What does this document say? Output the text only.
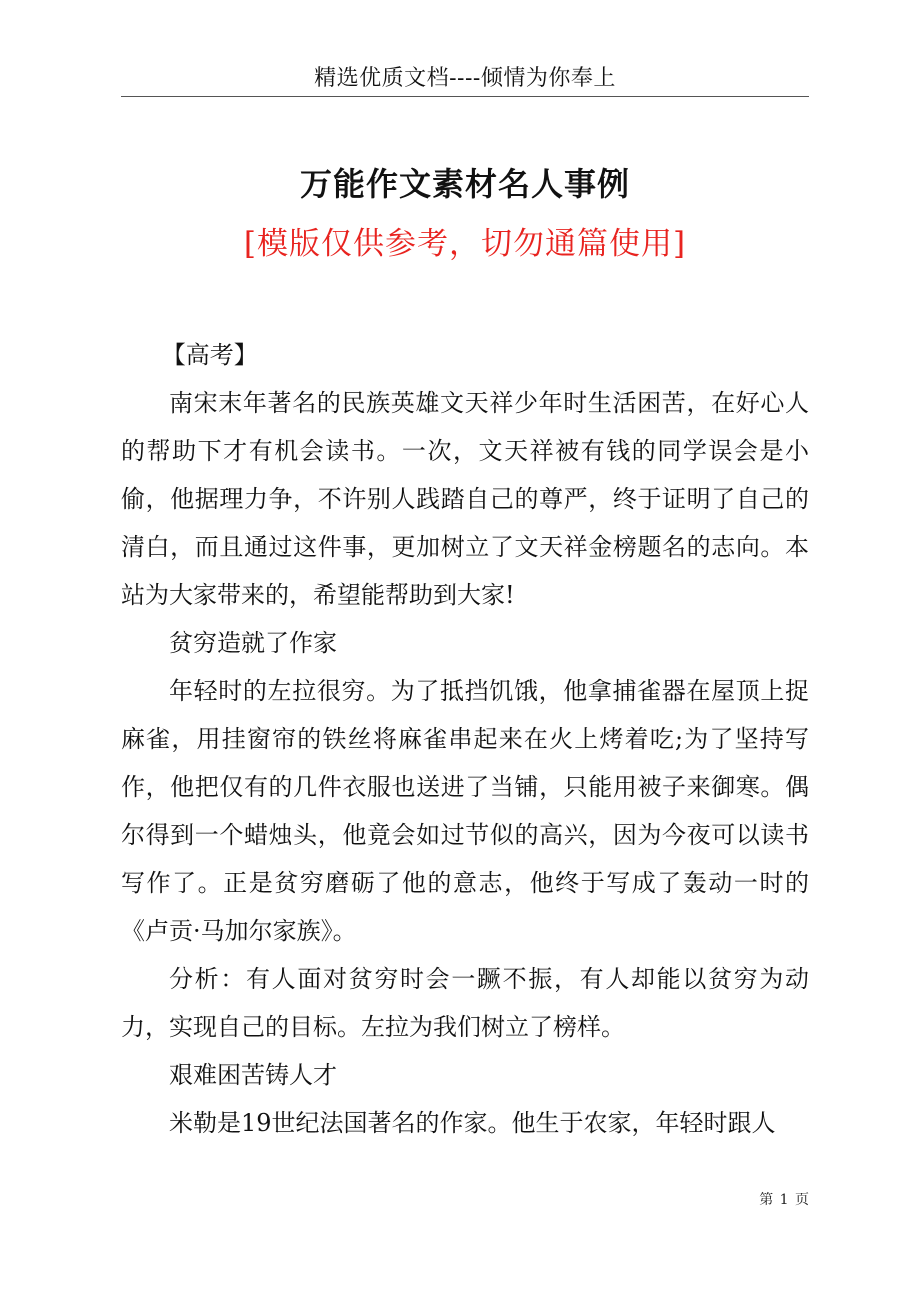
精选优质文档----倾情为你奉上
万能作文素材名人事例
[模版仅供参考，切勿通篇使用]

【高考】

南宋末年著名的民族英雄文天祥少年时生活困苦，在好心人的帮助下才有机会读书。一次，文天祥被有钱的同学误会是小偷，他据理力争，不许别人践踏自己的尊严，终于证明了自己的清白，而且通过这件事，更加树立了文天祥金榜题名的志向。本站为大家带来的，希望能帮助到大家!

贫穷造就了作家

年轻时的左拉很穷。为了抵挡饥饿，他拿捕雀器在屋顶上捉麻雀，用挂窗帘的铁丝将麻雀串起来在火上烤着吃;为了坚持写作，他把仅有的几件衣服也送进了当铺，只能用被子来御寒。偶尔得到一个蜡烛头，他竟会如过节似的高兴，因为今夜可以读书写作了。正是贫穷磨砺了他的意志，他终于写成了轰动一时的《卢贡·马加尔家族》。

分析：有人面对贫穷时会一蹶不振，有人却能以贫穷为动力，实现自己的目标。左拉为我们树立了榜样。

艰难困苦铸人才

米勒是19世纪法国著名的作家。他生于农家，年轻时跟人

第 1 页
